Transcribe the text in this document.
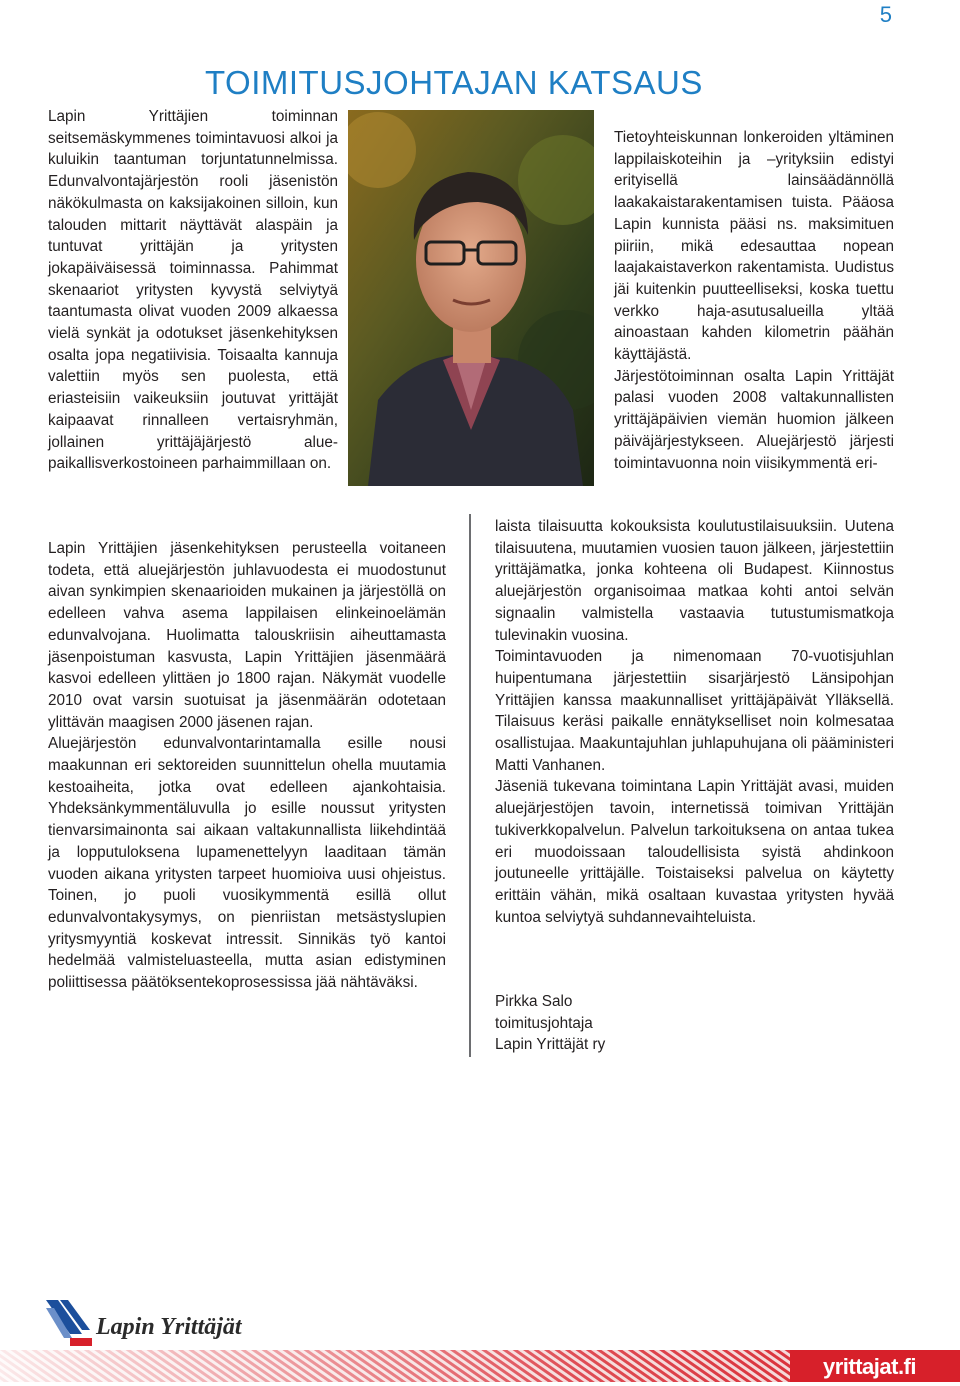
5
TOIMITUSJOHTAJAN KATSAUS

Lapin Yrittäjien toiminnan seitsemäskymmenes toimintavuosi alkoi ja kuluikin taantuman torjuntatunnelmissa. Edunvalvontajärjestön rooli jäsenistön näkökulmasta on kaksijakoinen silloin, kun talouden mittarit näyttävät alaspäin ja tuntuvat yrittäjän ja yritysten jokapäiväisessä toiminnassa. Pahimmat skenaariot yritysten kyvystä selviytyä taantumasta olivat vuoden 2009 alkaessa vielä synkät ja odotukset jäsenkehityksen osalta jopa negatiivisia. Toisaalta kannuja valettiin myös sen puolesta, että eriasteisiin vaikeuksiin joutuvat yrittäjät kaipaavat rinnalleen vertaisryhmän, jollainen yrittäjäjärjestö alue- paikallisverkostoineen parhaimmillaan on.

Lapin Yrittäjien jäsenkehityksen perusteella voitaneen todeta, että aluejärjestön juhlavuodesta ei muodostunut aivan synkimpien skenaarioiden mukainen ja järjestöllä on edelleen vahva asema lappilaisen elinkeinoelämän edunvalvojana. Huolimatta talouskriisin aiheuttamasta jäsenpoistuman kasvusta, Lapin Yrittäjien jäsenmäärä kasvoi edelleen ylittäen jo 1800 rajan. Näkymät vuodelle 2010 ovat varsin suotuisat ja jäsenmäärän odotetaan ylittävän maagisen 2000 jäsenen rajan.

Aluejärjestön edunvalvontarintamalla esille nousi maakunnan eri sektoreiden suunnittelun ohella muutamia kestoaiheita, jotka ovat edelleen ajankohtaisia. Yhdeksänkymmentäluvulla jo esille noussut yritysten tienvarsimainonta sai aikaan valtakunnallista liikehdintää ja lopputuloksena lupamenettelyyn laaditaan tämän vuoden aikana yritysten tarpeet huomioiva uusi ohjeistus. Toinen, jo puoli vuosikymmentä esillä ollut edunvalvontakysymys, on pienriistan metsästyslupien yritysmyyntiä koskevat intressit. Sinnikäs työ kantoi hedelmää valmisteluasteella, mutta asian edistyminen poliittisessa päätöksentekoprosessissa jää nähtäväksi.

Tietoyhteiskunnan lonkeroiden yltäminen lappilaiskoteihin ja –yrityksiin edistyi erityisellä lainsäädännöllä laakakaistarakentamisen tuista. Pääosa Lapin kunnista pääsi ns. maksimituen piiriin, mikä edesauttaa nopean laajakaistaverkon rakentamista. Uudistus jäi kuitenkin puutteelliseksi, koska tuettu verkko haja-asutusalueilla yltää ainoastaan kahden kilometrin päähän käyttäjästä.

Järjestötoiminnan osalta Lapin Yrittäjät palasi vuoden 2008 valtakunnallisten yrittäjäpäivien viemän huomion jälkeen päiväjärjestykseen. Aluejärjestö järjesti toimintavuonna noin viisikymmentä eri-

laista tilaisuutta kokouksista koulutustilaisuuksiin. Uutena tilaisuutena, muutamien vuosien tauon jälkeen, järjestettiin yrittäjämatka, jonka kohteena oli Budapest. Kiinnostus aluejärjestön organisoimaa matkaa kohti antoi selvän signaalin valmistella vastaavia tutustumismatkoja tulevinakin vuosina.

Toimintavuoden ja nimenomaan 70-vuotisjuhlan huipentumana järjestettiin sisarjärjestö Länsipohjan Yrittäjien kanssa maakunnalliset yrittäjäpäivät Ylläksellä. Tilaisuus keräsi paikalle ennätykselliset noin kolmesataa osallistujaa. Maakuntajuhlan juhlapuhujana oli pääministeri Matti Vanhanen.

Jäseniä tukevana toimintana Lapin Yrittäjät avasi, muiden aluejärjestöjen tavoin, internetissä toimivan Yrittäjän tukiverkkopalvelun. Palvelun tarkoituksena on antaa tukea eri muodoissaan taloudellisista syistä ahdinkoon joutuneelle yrittäjälle. Toistaiseksi palvelua on käytetty erittäin vähän, mikä osaltaan kuvastaa yritysten hyvää kuntoa selviytyä suhdannevaihteluista.

Pirkka Salo
toimitusjohtaja
Lapin Yrittäjät ry
Lapin Yrittäjät
yrittajat.fi
